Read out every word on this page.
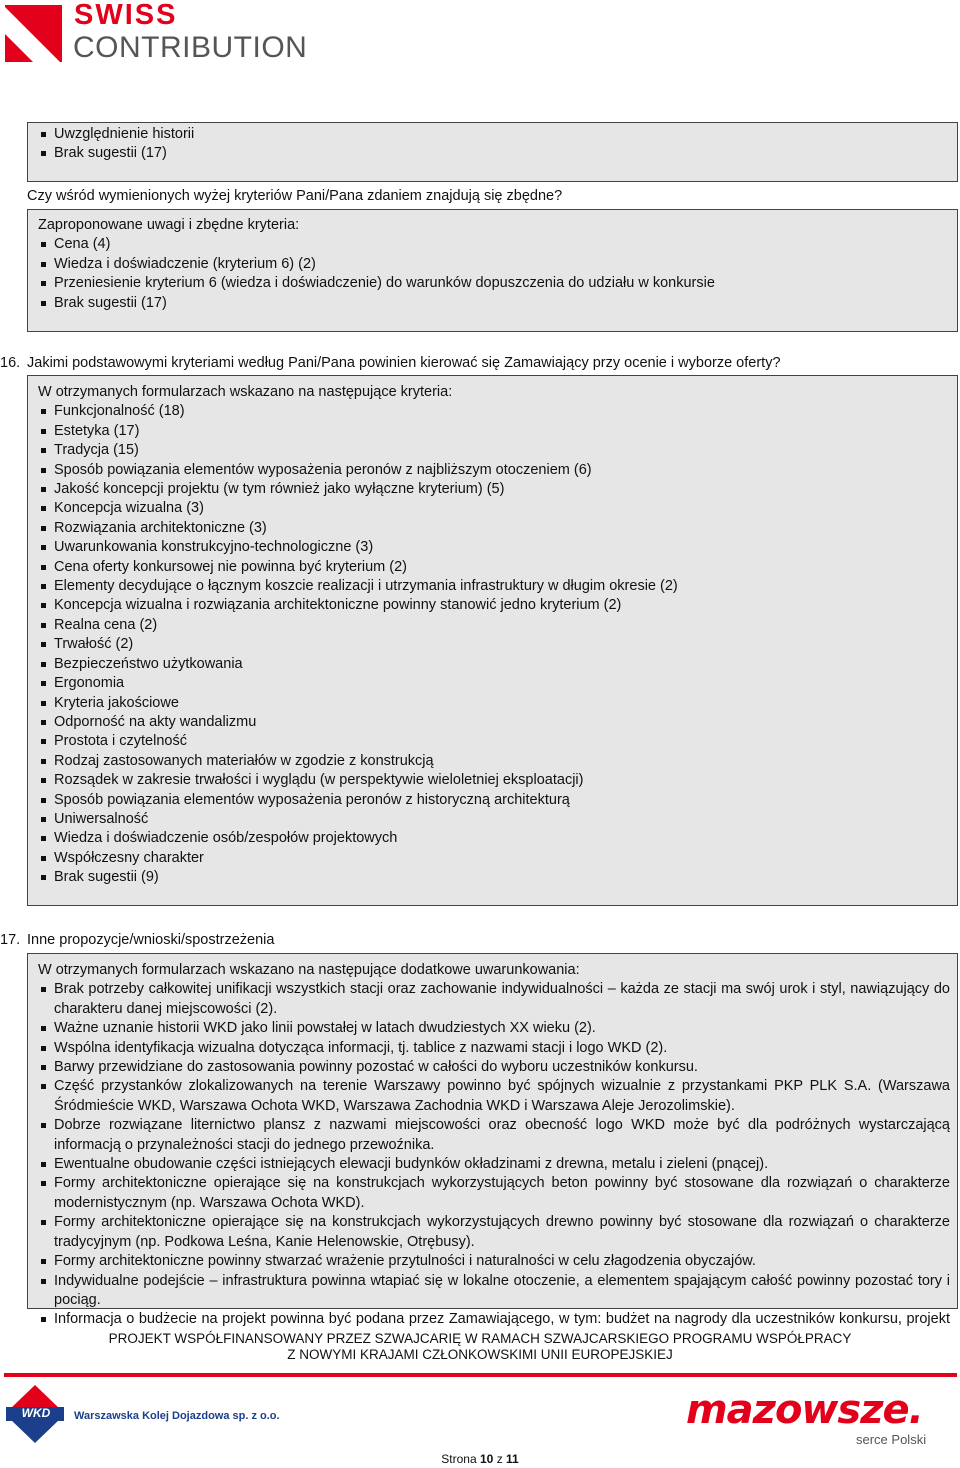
SWISS
CONTRIBUTION
Uwzględnienie historii
Brak sugestii (17)
Czy wśród wymienionych wyżej kryteriów Pani/Pana zdaniem znajdują się zbędne?
Zaproponowane uwagi i zbędne kryteria:
Cena (4)
Wiedza i doświadczenie (kryterium 6) (2)
Przeniesienie kryterium 6 (wiedza i doświadczenie) do warunków dopuszczenia do udziału w konkursie
Brak sugestii (17)
16. Jakimi podstawowymi kryteriami według Pani/Pana powinien kierować się Zamawiający przy ocenie i wyborze oferty?
W otrzymanych formularzach wskazano na następujące kryteria:
Funkcjonalność (18)
Estetyka (17)
Tradycja (15)
Sposób powiązania elementów wyposażenia peronów z najbliższym otoczeniem (6)
Jakość koncepcji projektu (w tym również jako wyłączne kryterium) (5)
Koncepcja wizualna (3)
Rozwiązania architektoniczne (3)
Uwarunkowania konstrukcyjno-technologiczne (3)
Cena oferty konkursowej nie powinna być kryterium (2)
Elementy decydujące o łącznym koszcie realizacji i utrzymania infrastruktury w długim okresie (2)
Koncepcja wizualna i rozwiązania architektoniczne powinny stanowić jedno kryterium (2)
Realna cena (2)
Trwałość (2)
Bezpieczeństwo użytkowania
Ergonomia
Kryteria jakościowe
Odporność na akty wandalizmu
Prostota i czytelność
Rodzaj zastosowanych materiałów w zgodzie z konstrukcją
Rozsądek w zakresie trwałości i wyglądu (w perspektywie wieloletniej eksploatacji)
Sposób powiązania elementów wyposażenia peronów z historyczną architekturą
Uniwersalność
Wiedza i doświadczenie osób/zespołów projektowych
Współczesny charakter
Brak sugestii (9)
17. Inne propozycje/wnioski/spostrzeżenia
W otrzymanych formularzach wskazano na następujące dodatkowe uwarunkowania:
Brak potrzeby całkowitej unifikacji wszystkich stacji oraz zachowanie indywidualności – każda ze stacji ma swój urok i styl, nawiązujący do charakteru danej miejscowości (2).
Ważne uznanie historii WKD jako linii powstałej w latach dwudziestych XX wieku (2).
Wspólna identyfikacja wizualna dotycząca informacji, tj. tablice z nazwami stacji i logo WKD (2).
Barwy przewidziane do zastosowania powinny pozostać w całości do wyboru uczestników konkursu.
Część przystanków zlokalizowanych na terenie Warszawy powinno być spójnych wizualnie z przystankami PKP PLK S.A. (Warszawa Śródmieście WKD, Warszawa Ochota WKD, Warszawa Zachodnia WKD i Warszawa Aleje Jerozolimskie).
Dobrze rozwiązane liternictwo plansz z nazwami miejscowości oraz obecność logo WKD może być dla podróżnych wystarczającą informacją o przynależności stacji do jednego przewoźnika.
Ewentualne obudowanie części istniejących elewacji budynków okładzinami z drewna, metalu i zieleni (pnącej).
Formy architektoniczne opierające się na konstrukcjach wykorzystujących beton powinny być stosowane dla rozwiązań o charakterze modernistycznym (np. Warszawa Ochota WKD).
Formy architektoniczne opierające się na konstrukcjach wykorzystujących drewno powinny być stosowane dla rozwiązań o charakterze tradycyjnym (np. Podkowa Leśna, Kanie Helenowskie, Otrębusy).
Formy architektoniczne powinny stwarzać wrażenie przytulności i naturalności w celu złagodzenia obyczajów.
Indywidualne podejście – infrastruktura powinna wtapiać się w lokalne otoczenie, a elementem spajającym całość powinny pozostać tory i pociąg.
Informacja o budżecie na projekt powinna być podana przez Zamawiającego, w tym: budżet na nagrody dla uczestników konkursu, projekt
PROJEKT WSPÓŁFINANSOWANY PRZEZ SZWAJCARIĘ W RAMACH SZWAJCARSKIEGO PROGRAMU WSPÓŁPRACY
Z NOWYMI KRAJAMI CZŁONKOWSKIMI UNII EUROPEJSKIEJ
WKD	Warszawska Kolej Dojazdowa sp. z o.o.	mazowsze.
serce Polski
Strona 10 z 11
